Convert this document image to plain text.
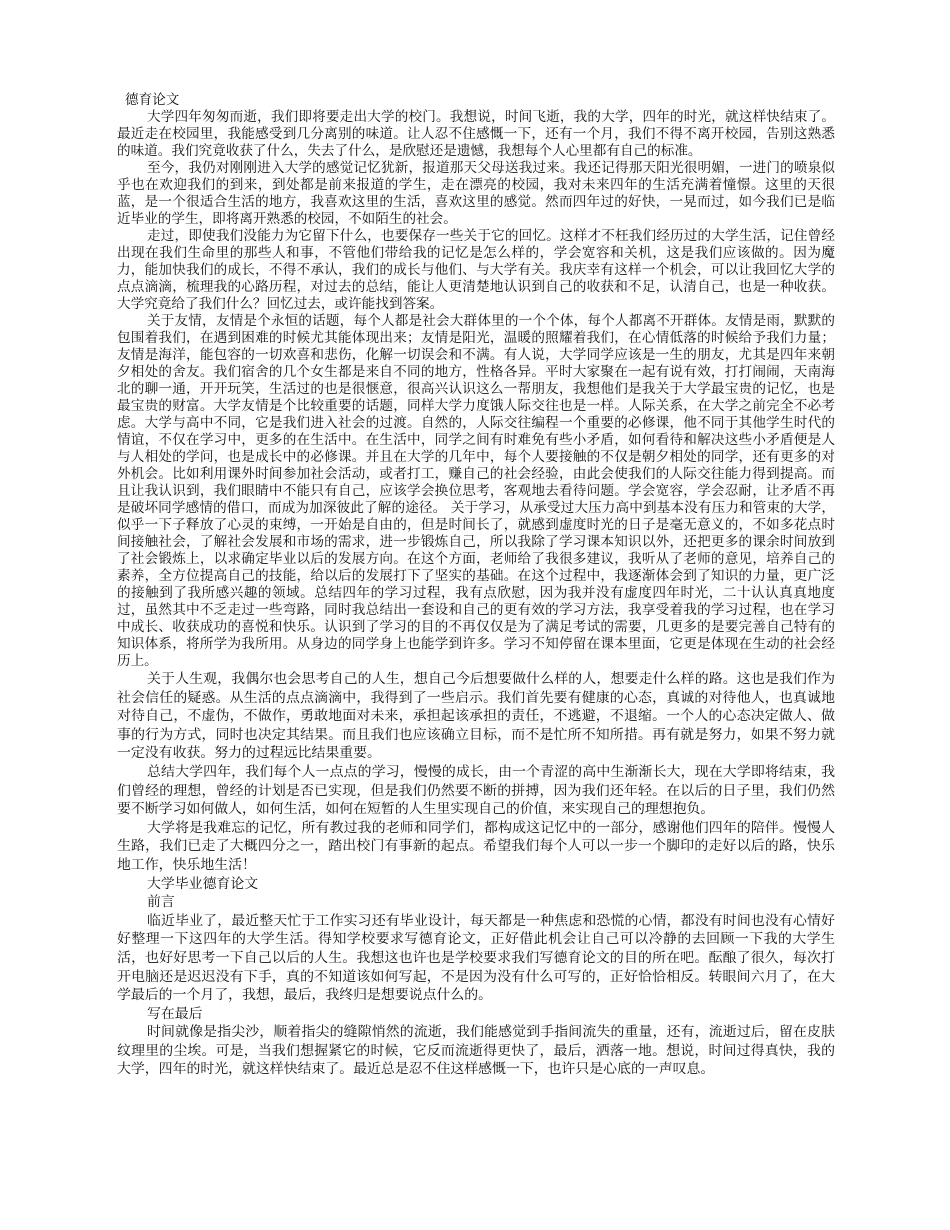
德育论文
大学四年匆匆而逝，我们即将要走出大学的校门。我想说，时间飞逝，我的大学，四年的时光，就这样快结束了。最近走在校园里，我能感受到几分离别的味道。让人忍不住感慨一下，还有一个月，我们不得不离开校园，告别这熟悉的味道。我们究竟收获了什么，失去了什么，是欣慰还是遗憾，我想每个人心里都有自己的标准。
至今，我仍对刚刚进入大学的感觉记忆犹新，报道那天父母送我过来。我还记得那天阳光很明媚，一进门的喷泉似乎也在欢迎我们的到来，到处都是前来报道的学生，走在漂亮的校园，我对未来四年的生活充满着憧憬。这里的天很蓝，是一个很适合生活的地方，我喜欢这里的生活，喜欢这里的感觉。然而四年过的好快，一晃而过，如今我们已是临近毕业的学生，即将离开熟悉的校园，不如陌生的社会。
走过，即使我们没能力为它留下什么，也要保存一些关于它的回忆。这样才不枉我们经历过的大学生活，记住曾经出现在我们生命里的那些人和事，不管他们带给我的记忆是怎么样的，学会宽容和关机，这是我们应该做的。因为魔力，能加快我们的成长，不得不承认，我们的成长与他们、与大学有关。我庆幸有这样一个机会，可以让我回忆大学的点点滴滴，梳理我的心路历程，对过去的总结，能让人更清楚地认识到自己的收获和不足，认清自己，也是一种收获。大学究竟给了我们什么？回忆过去，或许能找到答案。
关于友情，友情是个永恒的话题，每个人都是社会大群体里的一个个体，每个人都离不开群体。友情是雨，默默的包围着我们，在遇到困难的时候尤其能体现出来；友情是阳光，温暖的照耀着我们，在心情低落的时候给予我们力量；友情是海洋，能包容的一切欢喜和悲伤，化解一切误会和不满。有人说，大学同学应该是一生的朋友，尤其是四年来朝夕相处的舍友。我们宿舍的几个女生都是来自不同的地方，性格各异。平时大家聚在一起有说有效，打打闹闹，天南海北的聊一通，开开玩笑，生活过的也是很惬意，很高兴认识这么一帮朋友，我想他们是我关于大学最宝贵的记忆，也是最宝贵的财富。大学友情是个比较重要的话题，同样大学力度饿人际交往也是一样。人际关系，在大学之前完全不必考虑。大学与高中不同，它是我们进入社会的过渡。自然的，人际交往编程一个重要的必修课，他不同于其他学生时代的情谊，不仅在学习中，更多的在生活中。在生活中，同学之间有时难免有些小矛盾，如何看待和解决这些小矛盾便是人与人相处的学问，也是成长中的必修课。并且在大学的几年中，每个人要接触的不仅是朝夕相处的同学，还有更多的对外机会。比如利用课外时间参加社会活动，或者打工，赚自己的社会经验，由此会使我们的人际交往能力得到提高。而且让我认识到，我们眼睛中不能只有自己，应该学会换位思考，客观地去看待问题。学会宽容，学会忍耐，让矛盾不再是破坏同学感情的借口，而成为加深彼此了解的途径。 关于学习，从承受过大压力高中到基本没有压力和管束的大学，似乎一下子释放了心灵的束缚，一开始是自由的，但是时间长了，就感到虚度时光的日子是毫无意义的，不如多花点时间接触社会，了解社会发展和市场的需求，进一步锻炼自己，所以我除了学习课本知识以外，还把更多的课余时间放到了社会锻炼上，以求确定毕业以后的发展方向。在这个方面，老师给了我很多建议，我听从了老师的意见，培养自己的素养，全方位提高自己的技能，给以后的发展打下了坚实的基础。在这个过程中，我逐渐体会到了知识的力量，更广泛的接触到了我所感兴趣的领域。总结四年的学习过程，我有点欣慰，因为我并没有虚度四年时光，二十认认真真地度过，虽然其中不乏走过一些弯路，同时我总结出一套设和自己的更有效的学习方法，我享受着我的学习过程，也在学习中成长、收获成功的喜悦和快乐。认识到了学习的目的不再仅仅是为了满足考试的需要，几更多的是要完善自己特有的知识体系，将所学为我所用。从身边的同学身上也能学到许多。学习不知停留在课本里面，它更是体现在生动的社会经历上。
关于人生观，我偶尔也会思考自己的人生，想自己今后想要做什么样的人，想要走什么样的路。这也是我们作为社会信任的疑惑。从生活的点点滴滴中，我得到了一些启示。我们首先要有健康的心态，真诚的对待他人，也真诚地对待自己，不虚伪，不做作，勇敢地面对未来，承担起该承担的责任，不逃避，不退缩。一个人的心态决定做人、做事的行为方式，同时也决定其结果。而且我们也应该确立目标，而不是忙所不知所措。再有就是努力，如果不努力就一定没有收获。努力的过程远比结果重要。
总结大学四年，我们每个人一点点的学习，慢慢的成长，由一个青涩的高中生渐渐长大，现在大学即将结束，我们曾经的理想，曾经的计划是否已实现，但是我们仍然要不断的拼搏，因为我们还年轻。在以后的日子里，我们仍然要不断学习如何做人，如何生活，如何在短暂的人生里实现自己的价值，来实现自己的理想抱负。
大学将是我难忘的记忆，所有教过我的老师和同学们，都构成这记忆中的一部分，感谢他们四年的陪伴。慢慢人生路，我们已走了大概四分之一，踏出校门有事新的起点。希望我们每个人可以一步一个脚印的走好以后的路，快乐地工作，快乐地生活！
大学毕业德育论文
前言
临近毕业了，最近整天忙于工作实习还有毕业设计，每天都是一种焦虑和恐慌的心情，都没有时间也没有心情好好整理一下这四年的大学生活。得知学校要求写德育论文，正好借此机会让自己可以冷静的去回顾一下我的大学生活，也好好思考一下自己以后的人生。我想这也许也是学校要求我们写德育论文的目的所在吧。酝酿了很久，每次打开电脑还是迟迟没有下手，真的不知道该如何写起，不是因为没有什么可写的，正好恰恰相反。转眼间六月了，在大学最后的一个月了，我想，最后，我终归是想要说点什么的。
写在最后
时间就像是指尖沙，顺着指尖的缝隙悄然的流逝，我们能感觉到手指间流失的重量，还有，流逝过后，留在皮肤纹理里的尘埃。可是，当我们想握紧它的时候，它反而流逝得更快了，最后，洒落一地。想说，时间过得真快，我的大学，四年的时光，就这样快结束了。最近总是忍不住这样感慨一下，也许只是心底的一声叹息。
